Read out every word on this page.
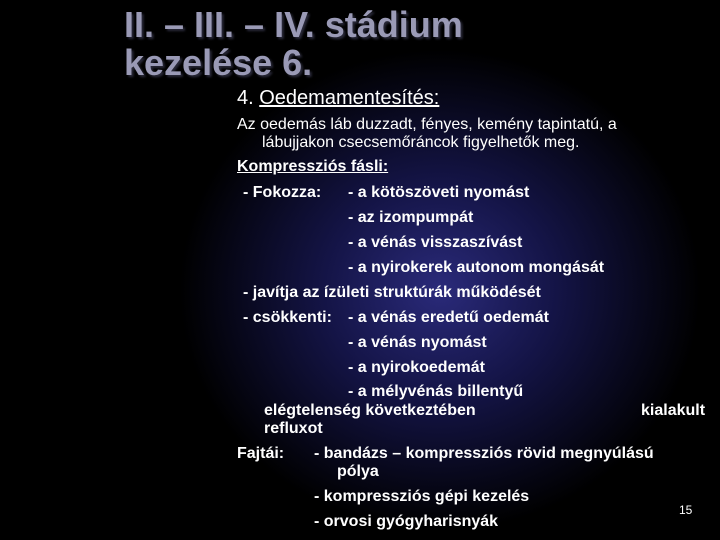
II. – III. – IV. stádium
kezelése 6.
4. Oedemamentesítés:
Az oedemás láb duzzadt, fényes, kemény tapintatú, a
lábujjakon csecsemőráncok figyelhetők meg.
Kompressziós fásli:
- Fokozza: - a kötöszöveti nyomást
- az izompumpát
- a vénás visszaszívást
- a nyirokerek autonom mongását
- javítja az ízületi struktúrák működését
- csökkenti: - a vénás eredetű oedemát
- a vénás nyomást
- a nyirokoedemát
- a mélyvénás billentyű
elégtelenség következtében	kialakult
refluxot
Fajtái: - bandázs – kompressziós rövid megnyúlású
pólya
- kompressziós gépi kezelés
- orvosi gyógyharisnyák
15
